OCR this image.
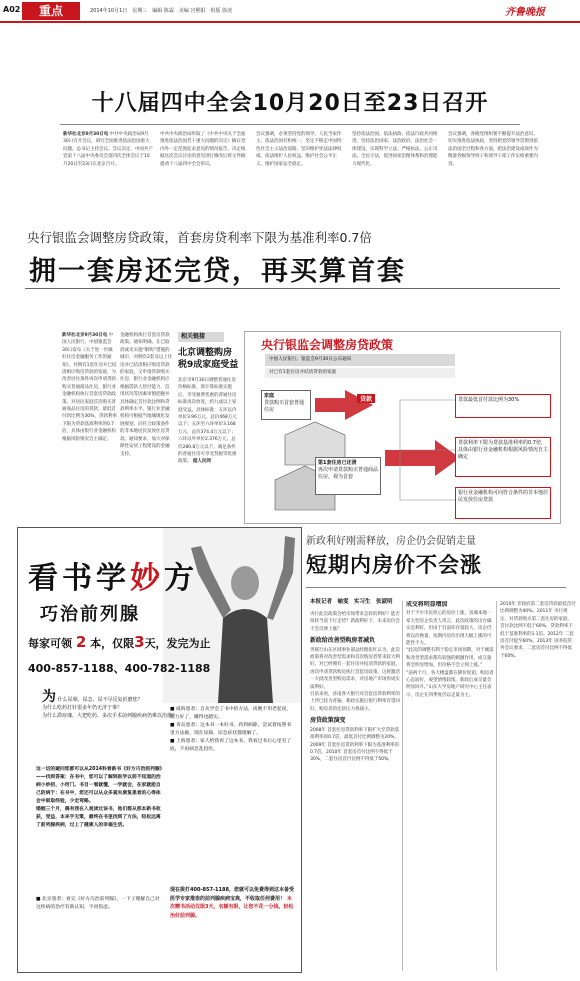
A02	重点	2014年10月1日　星期三　编辑 陈霖　美编 宫熙阳　组版 徐凌	齐鲁晚报
十八届四中全会10月20日至23日召开
新华社北京9月30日电 中共中央政治局9月30日召开会议，研究全面推进依法治国重大问题。总书记主持会议。会议决定，中国共产党第十八届中央委员会第四次全体会议于10月20日至23日在北京召开。
中共中央政治局听取了《中共中央关于全面推进依法治国若干重大问题的决定》稿在党内外一定范围征求意见的情况报告，决定根据这次会议讨论的意见进行修改后将文件稿提请十八届四中全会审议。
会议强调，必须坚持党的领导、人民当家作主、依法治国有机统一，坚定不移走中国特色社会主义法治道路，坚决维护宪法法律权威，依法维护人民权益、维护社会公平正义、维护国家安全稳定。
坚持依法治国、依法执政、依法行政共同推进，坚持法治国家、法治政府、法治社会一体建设，实现科学立法、严格执法、公正司法、全民守法，促进国家治理体系和治理能力现代化。
会议强调，各级党组织要不断提升法治意识，切实推进依法执政，坚持把党的领导贯彻到依法治国全过程和各方面，把法治建设成效作为衡量各级领导班子和领导干部工作实绩重要内容。
央行银监会调整房贷政策，首套房贷利率下限为基准利率0.7倍
拥一套房还完贷，再买算首套
新华社北京9月30日电 中国人民银行、中国银监会30日发布《关于进一步做好住房金融服务工作的通知》，对拥有1套住房并已结清相应购房贷款的家庭，为改善居住条件再次申请贷款购买普通商品住房，银行业金融机构执行首套房贷款政策。对居民家庭首次购买普通商品住房的贷款，最低首付款比例为30%，贷款利率下限为贷款基准利率的0.7倍，具体由银行业金融机构根据风险情况自主确定。
金融机构执行首套房贷款政策。通知明确，在已取消或未实施“限购”措施的城市，对拥有2套及以上住房并已结清相应购房贷款的家庭，又申请贷款购买住房，银行业金融机构应根据借款人偿付能力、信用状况等因素审慎把握并具体确定首付款比例和贷款利率水平。银行业金融机构可根据当地城镇化发展规划，向符合政策条件的非本地居民发放住房贷款。通知要求，加大对保障性安居工程建设的金融支持。
相关链接
北京调整购房税9成家庭受益
北京市9月30日调整普通住房价格标准，原计算标准实施后，享受税费优惠的普通住房标准再次放宽，约九成以上家庭受益。具体标准：五环以内单价3.96万元、总价468万元以下；五环至六环单价3.168万元、总价374.4万元以下；六环以外单价2.376万元、总价280.8万元以下。满足条件的普通住房可享受契税等优惠政策。 据人民网
央行银监会调整房贷政策
中国人民银行、银监会9月30日公布通知
对已有1套住房并结清贷款的家庭
家庭
贷款购买首套普通住房
贷款
第1套住房已还清
再次申请贷款购买普通商品住房，视为首套
贷款最低首付款比例为30%
贷款利率下限为贷款基准利率的0.7倍，具体由银行业金融机构根据风险情况自主确定
银行业金融机构可向符合条件的非本地居民发放住房贷款
看书学妙方
巧治前列腺
每家可领 2 本，仅限3天，发完为止
400-857-1188、400-782-1188
为 什么尿频、尿急、尿不尽反复折磨您？
为什么吃药打针很多年仍无济于事？
为什么滞症瑰、大把吃药、多次手术前列腺疾病仍难以治愈？

这一切的疑问您都可以从2014科普新书《好方巧治前列腺》——找到答案：在书中，您可以了解到医学以前不知道的治病小妙招、小窍门。书目一看就懂，一学就会，在家就能自己防病于：在书中，您还可以从众多真实康复患者的心得体会中吸取经验，少走弯路。

婚姻三个月，偶有我在入观读过该书，他们都从那本新书收获，受益，本来手无策，最终在书里找到了方法，轻松远离了前列腺疾病，过上了健康人的幸福生活。

■ 北京患者：看完《好方巧治前列腺》，一下子理解自己对这疾病的治疗有新认知，不再焦虑。

■ 威海患者：自从学会了书中的方法，夜晚不用老起夜，精力好了，睡得也踏实。

■ 青岛患者：这本书一本好书，药到病除，尝试着按照书里方法做，现在尿频、尿急症状都缓解了。

■ 上海患者：家人给我看了这本书，我看过书后心里有了底，不再病急乱投医。

现在拨打400-857-1188，您就可以免费得到这本备受医学专家推崇的前列腺疾病宝典，不收取任何费用！ 本次赠书活动仅限3天，名额有限，让您不花一分钱，轻松治好前列腺。
新政利好刚需释放，房企仍会促销走量
短期内房价不会涨
本报记者　喻雯　实习生　张淑明

央行此次政策会给市场带来怎样的利好？能否扭转当前下行走势？新政利好下，未来房价会不会反弹上涨？

新政给改善型购房者减负

世联行山东区域事业部总经理张红认为，此次政策将对改善型需求和首次购房者带来较大利好。对已经拥有一套住房并结清贷款的家庭，再次申请贷款购房执行首套房政策，这将激活一大批改善型购房需求，对房地产市场形成实质利好。

目前来看，济南各大银行对首套房贷款利率的上浮已较为普遍，新政实施后银行利率有望回归，购房者的还款压力将减小。

房贷政策演变

2008年 首套住房贷款利率下限扩大至贷款基准利率的0.7倍，最低首付比例调整为20%。2009年 首套住房贷款利率下限为基准利率的0.7倍。2010年 首套房首付比例不得低于30%，二套住房首付比例不得低于50%。

成交将明显增加

对于不少市民担心的房价上涨，省城本地一家大型房企负责人坦言，此次政策的出台确实是利好，但由于目前库存量较大，房企仍将以价换量，短期内房价出现大幅上涨的可能性不大。

“此次的调整有利于稳定市场预期，对于刚需和改善型需求都有较强的刺激作用，成交量将会明显增加，但价格不会立刻上涨。”

“前两个月，各大楼盘都在降价促销，购房者心态较好，观望情绪较浓，新政后成交量会明显回升。”山东大学房地产研究中心主任表示，房企在四季度仍以走量为主。

2010年 非政府第二套房贷款最低首付比例调整为40%。2011年 央行规定，对贷款购买第二套住房的家庭，首付款比例不低于60%，贷款利率不低于基准利率的1.1倍。2012年 二套房首付提至60%。2013年 国务院常务会议要求，二套房首付比例不得低于60%。
